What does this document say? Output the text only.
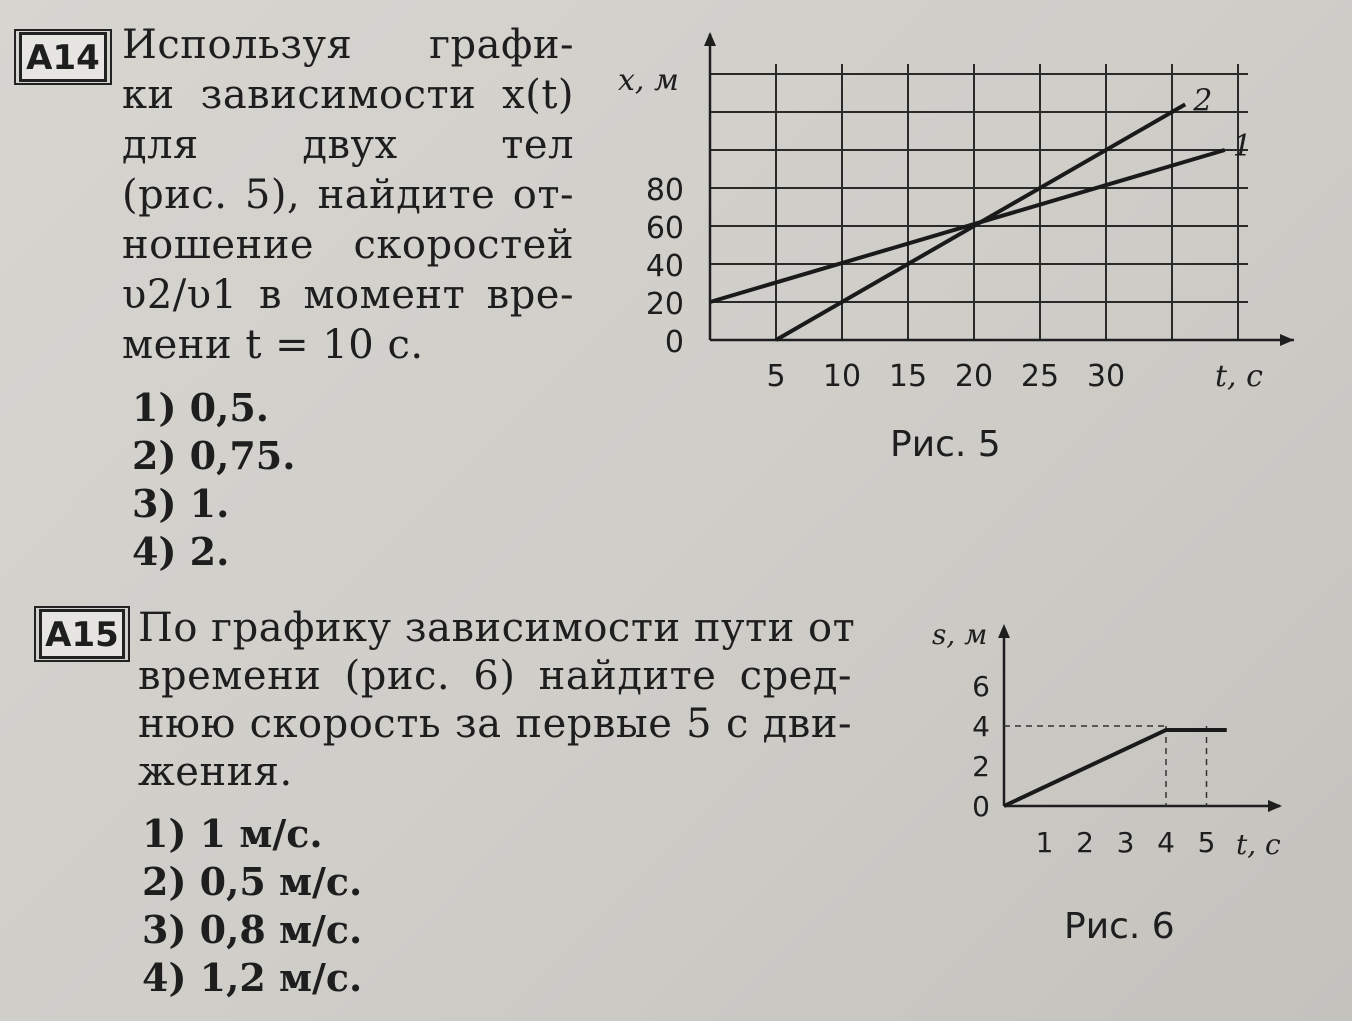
A14 Используя графи-
ки зависимости x(t)
для двух тел
(рис. 5), найдите от-
ношение скоростей
υ2/υ1 в момент вре-
мени t = 10 с.
1) 0,5.
2) 0,75.
3) 1.
4) 2.
1
2
5 10 15 20 25 30
0
20
40
60
80
t, с
x, м
Рис. 5
A15 По графику зависимости пути от
времени (рис. 6) найдите сред-
нюю скорость за первые 5 с дви-
жения.
1) 1 м/с.
2) 0,5 м/с.
3) 0,8 м/с.
4) 1,2 м/с.
1 2 3 4 5
0
2
4
6
t, с
s, м
Рис. 6
